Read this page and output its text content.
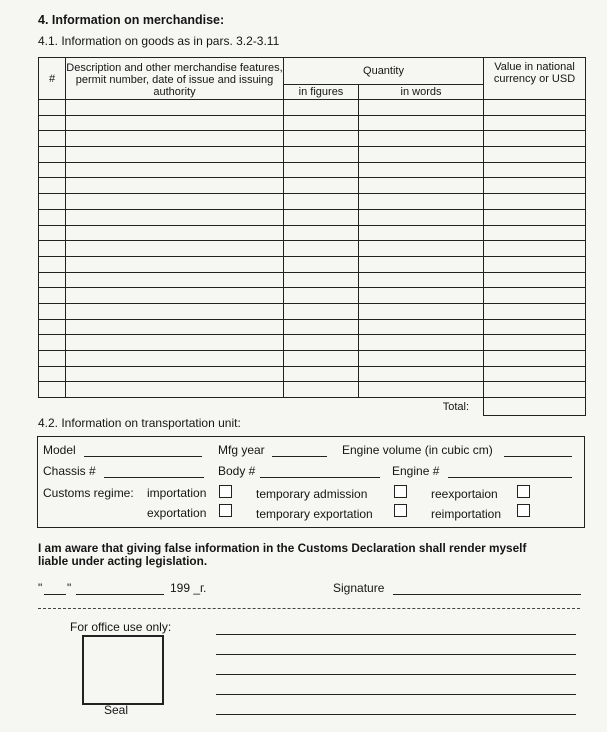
4. Information on merchandise:
4.1. Information on goods as in pars. 3.2-3.11
#	Description and other merchandise features, permit number, date of issue and issuing authority	Quantity		Value in national currency or USD
		in figures	in words	

Total:				
4.2. Information on transportation unit:
Model	Mfg year	Engine volume (in cubic cm)
Chassis #	Body #	Engine #
Customs regime: importation	temporary admission	reexportaion
exportation	temporary exportation	reimportation
I am aware that giving false information in the Customs Declaration shall render myself
liable under acting legislation.
" "	199 _г.	Signature
For office use only:
Seal
